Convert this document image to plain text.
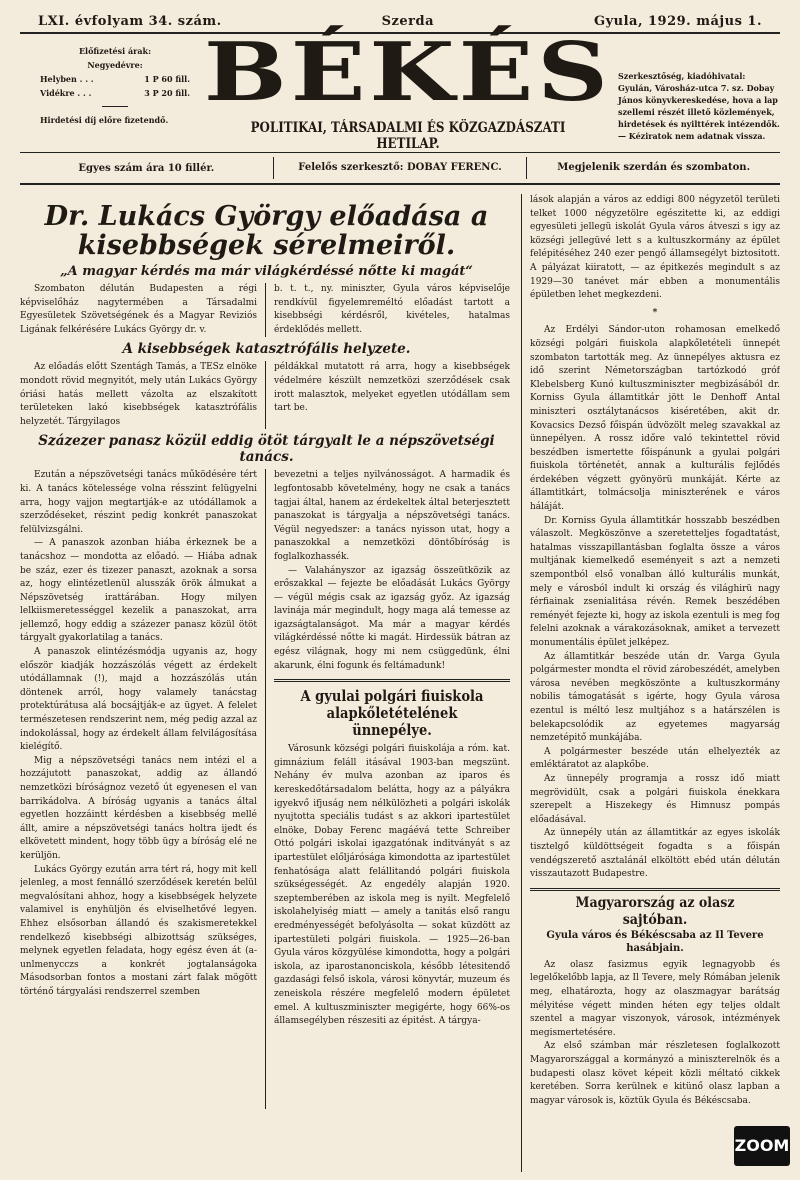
LXI. évfolyam 34. szám.	Szerda	Gyula, 1929. május 1.
Előfizetési árak:
Negyedévre:
Helyben . . .	1 P 60 fill.
Vidékre . . .	3 P 20 fill.
Hirdetési díj előre fizetendő.
BÉKÉS
POLITIKAI, TÁRSADALMI ÉS KÖZGAZDÁSZATI HETILAP.
Szerkesztőség, kiadóhivatal: Gyulán, Városház-utca 7. sz. Dobay János könyvkereskedése, hova a lap szellemi részét illető közlemények, hirdetések és nyilttérek intézendők. — Kéziratok nem adatnak vissza.
Egyes szám ára 10 fillér.	Felelős szerkesztő: DOBAY FERENC.	Megjelenik szerdán és szombaton.
Dr. Lukács György előadása a kisebbségek sérelmeiről.
„A magyar kérdés ma már világkérdéssé nőtte ki magát“

Szombaton délután Budapesten a régi képviselőház nagytermében a Társadalmi Egyesületek Szövetségének és a Magyar Reviziós Ligának felkérésére Lukács György dr. v.

b. t. t., ny. miniszter, Gyula város képviselője rendkívül figyelemreméltó előadást tartott a kisebbségi kérdésről, kivételes, hatalmas érdeklődés mellett.

A kisebbségek katasztrófális helyzete.

Az előadás előtt Szentágh Tamás, a TESz elnöke mondott rövid megnyitót, mely után Lukács György óriási hatás mellett vázolta az elszakított területeken lakó kisebbségek katasztrófális helyzetét. Tárgyilagos

példákkal mutatott rá arra, hogy a kisebbségek védelmére készült nemzetközi szerződések csak irott malasztok, melyeket egyetlen utódállam sem tart be.

Százezer panasz közül eddig ötöt tárgyalt le a népszövetségi tanács.

Ezután a népszövetségi tanács működésére tért ki. A tanács kötelessége volna résszint felügyelni arra, hogy vajjon megtartják-e az utódállamok a szerződéseket, részint pedig konkrét panaszokat felülvizsgálni.

— A panaszok azonban hiába érkeznek be a tanácshoz — mondotta az előadó. — Hiába adnak be száz, ezer és tizezer panaszt, azoknak a sorsa az, hogy elintézetlenül alusszák örök álmukat a Népszövetség irattárában. Hogy milyen lelkiismeretességgel kezelik a panaszokat, arra jellemző, hogy eddig a százezer panasz közül ötöt tárgyalt gyakorlatilag a tanács.

A panaszok elintézésmódja ugyanis az, hogy először kiadják hozzászólás végett az érdekelt utódállamnak (!), majd a hozzászólás után döntenek arról, hogy valamely tanácstag protektúrátusa alá bocsájtják-e az ügyet. A felelet természetesen rendszerint nem, még pedig azzal az indokolással, hogy az érdekelt állam felvilágosítása kielégítő.

Mig a népszövetségi tanács nem intézi el a hozzájutott panaszokat, addig az állandó nemzetközi bíróságnoz vezető út egyenesen el van barrikádolva. A bíróság ugyanis a tanács által egyetlen hozzáintt kérdésben a kisebbség mellé állt, amire a népszövetségi tanács holtra ijedt és elkövetett mindent, hogy több ügy a bíróság elé ne kerüljön.

Lukács György ezután arra tért rá, hogy mit kell jelenleg, a most fennálló szerződések keretén belül megvalósítani ahhoz, hogy a kisebbségek helyzete valamivel is enyhüljön és elviselhetővé legyen. Ehhez elsősorban állandó és szakismeretekkel rendelkező kisebbségi albizottság szükséges, melynek egyetlen feladata, hogy egész éven át (a-unlmenycczs a konkrét jogtalanságoka Másodsorban fontos a mostani zárt falak mögött történő tárgyalási rendszerrel szemben

bevezetni a teljes nyilvánosságot. A harmadik és legfontosabb követelmény, hogy ne csak a tanács tagjai által, hanem az érdekeltek által beterjesztett panaszokat is tárgyalja a népszövetségi tanács. Végül negyedszer: a tanács nyisson utat, hogy a panaszokkal a nemzetközi döntőbíróság is foglalkozhassék.

— Valahányszor az igazság összeütközik az erőszakkal — fejezte be előadását Lukács György — végül mégis csak az igazság győz. Az igazság lavinája már megindult, hogy maga alá temesse az igazságtalanságot. Ma már a magyar kérdés világkérdéssé nőtte ki magát. Hirdessük bátran az egész világnak, hogy mi nem csüggedünk, élni akarunk, élni fogunk és feltámadunk!

A gyulai polgári fiuiskola alapkőletételének ünnepélye.

Városunk községi polgári fiuiskolája a róm. kat. gimnázium feláll itásával 1903-ban megszünt. Nehány év mulva azonban az iparos és kereskedőtársadalom belátta, hogy az a pályákra igyekvő ifjuság nem nélkülözheti a polgári iskolák nyujtotta speciális tudást s az akkori ipartestület elnöke, Dobay Ferenc magáévá tette Schreiber Ottó polgári iskolai igazgatónak inditványát s az ipartestület előljárósága kimondotta az ipartestület fenhatósága alatt felállitandó polgári fiuiskola szükségességét. Az engedély alapján 1920. szeptemberében az iskola meg is nyilt. Megfelelő iskolahelyiség miatt — amely a tanitás első rangu eredményességét befolyásolta — sokat küzdött az ipartestületi polgári fiuiskola. — 1925—26-ban Gyula város közgyülése kimondotta, hogy a polgári iskola, az iparostanonciskola, később létesitendő gazdasági felső iskola, városi könyvtár, muzeum és zeneiskola részére megfelelő modern épületet emel. A kultuszminiszter megigérte, hogy 66%-os államsegélyben részesiti az épitést. A tárgya-

lások alapján a város az eddigi 800 négyzetöl területi telket 1000 négyzetölre egészitette ki, az eddigi egyesületi jellegü iskolát Gyula város átveszi s igy az községi jellegüvé lett s a kultuszkormány az épület felépitéséhez 240 ezer pengő államsegélyt biztositott. A pályázat kiiratott, — az épitkezés megindult s az 1929—30 tanévet már ebben a monumentális épületben lehet megkezdeni.

*

Az Erdélyi Sándor-uton rohamosan emelkedő községi polgári fiuiskola alapkőletételi ünnepét szombaton tartották meg. Az ünnepélyes aktusra ez idő szerint Németországban tartózkodó gróf Klebelsberg Kunó kultuszminiszter megbizásából dr. Korniss Gyula államtitkár jött le Denhoff Antal miniszteri osztálytanácsos kiséretében, akit dr. Kovacsics Dezső főispán üdvözölt meleg szavakkal az ünnepélyen. A rossz időre való tekintettel rövid beszédben ismertette főispánunk a gyulai polgári fiuiskola történetét, annak a kulturális fejlődés érdekében végzett gyönyörü munkáját. Kérte az államtitkárt, tolmácsolja miniszterének e város háláját.

Dr. Korniss Gyula államtitkár hosszabb beszédben válaszolt. Megköszönve a szeretetteljes fogadtatást, hatalmas visszapillantásban foglalta össze a város multjának kiemelkedő eseményeit s azt a nemzeti szempontból első vonalban álló kulturális munkát, mely e városból indult ki ország és világhirü nagy férfiainak zsenialitása révén. Remek beszédében reményét fejezte ki, hogy az iskola ezentuli is meg fog felelni azoknak a várakozásoknak, amiket a tervezett monumentális épület jelképez.

Az államtitkár beszéde után dr. Varga Gyula polgármester mondta el rövid zárobeszédét, amelyben városa nevében megköszönte a kultuszkormány nobilis támogatását s igérte, hogy Gyula városa ezentul is méltó lesz multjához s a határszélen is belekapcsolódik az egyetemes magyarság nemzetépitő munkájába.

A polgármester beszéde után elhelyezték az emléktáratot az alapkőbe.

Az ünnepély programja a rossz idő miatt megrövidült, csak a polgári fiuiskola énekkara szerepelt a Hiszekegy és Himnusz pompás előadásával.

Az ünnepély után az államtitkár az egyes iskolák tisztelgő küldöttségeit fogadta s a főispán vendégszerető asztalánál elköltött ebéd után délután visszautazott Budapestre.

Magyarország az olasz sajtóban.
Gyula város és Békéscsaba az Il Tevere hasábjain.

Az olasz fasizmus egyik legnagyobb és legelőkelőbb lapja, az Il Tevere, mely Rómában jelenik meg, elhatározta, hogy az olaszmagyar barátság mélyitése végett minden héten egy teljes oldalt szentel a magyar viszonyok, városok, intézmények megismertetésére.

Az első számban már részletesen foglalkozott Magyarországgal a kormányzó a miniszterelnök és a budapesti olasz követ képeit közli méltató cikkek keretében. Sorra kerülnek e kitünő olasz lapban a magyar városok is, köztük Gyula és Békéscsaba.

ZOOM
